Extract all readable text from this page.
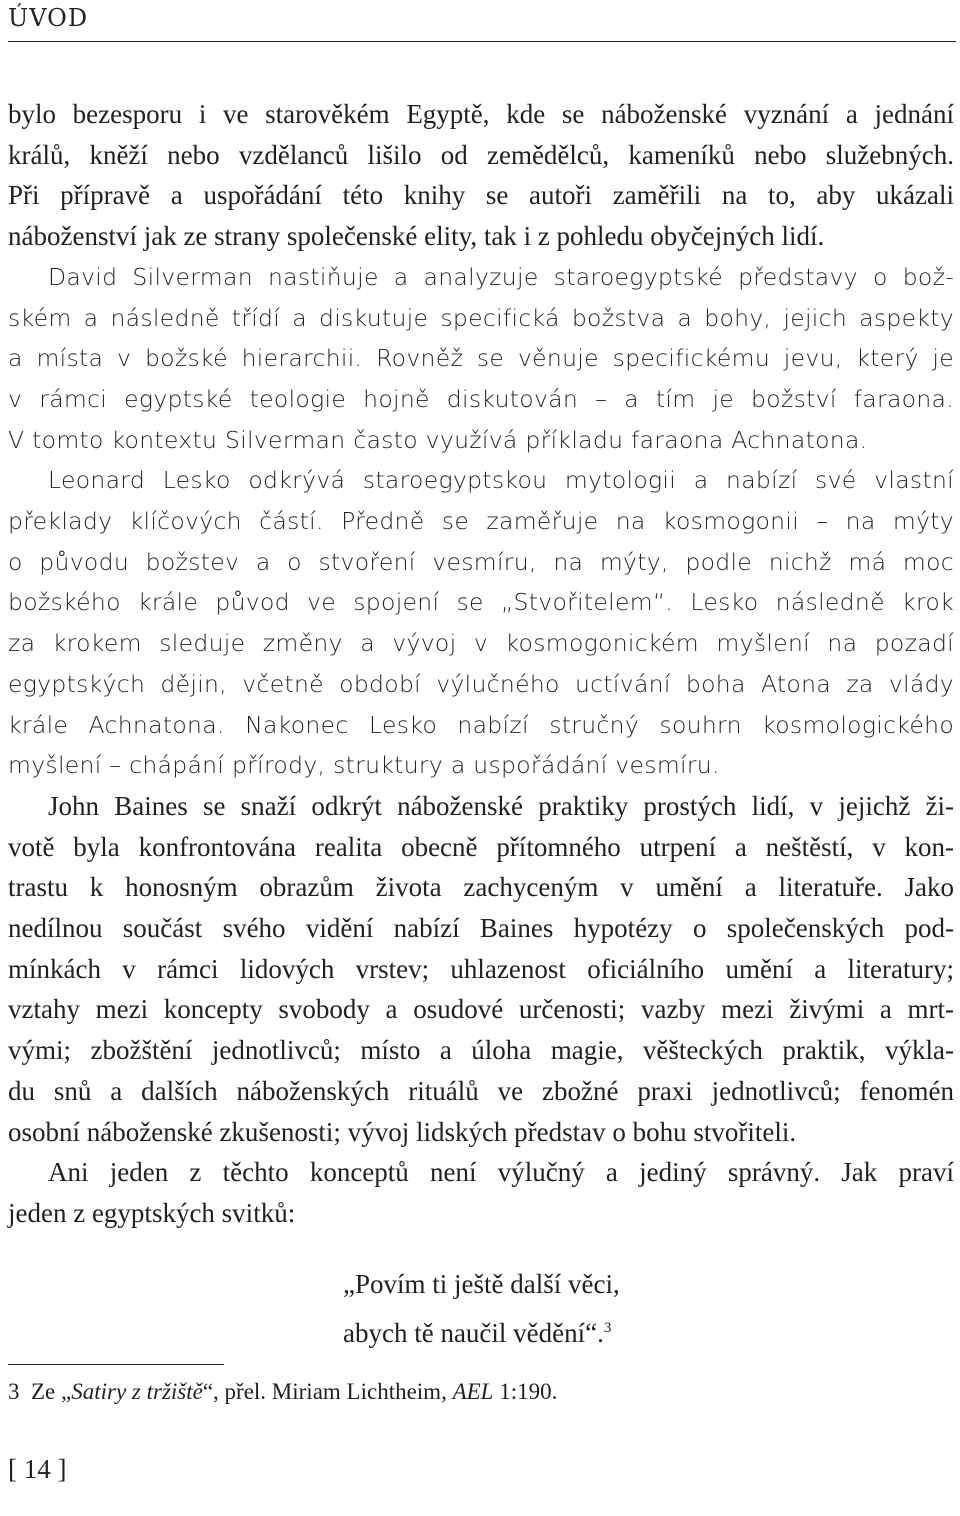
ÚVOD

bylo bezesporu i ve starověkém Egyptě, kde se náboženské vyznání a jednání
králů, kněží nebo vzdělanců lišilo od zemědělců, kameníků nebo služebných.
Při přípravě a uspořádání této knihy se autoři zaměřili na to, aby ukázali
náboženství jak ze strany společenské elity, tak i z pohledu obyčejných lidí.

David Silverman nastiňuje a analyzuje staroegyptské představy o bož-
ském a následně třídí a diskutuje specifická božstva a bohy, jejich aspekty
a místa v božské hierarchii. Rovněž se věnuje specifickému jevu, který je
v rámci egyptské teologie hojně diskutován – a tím je božství faraona.
V tomto kontextu Silverman často využívá příkladu faraona Achnatona.

Leonard Lesko odkrývá staroegyptskou mytologii a nabízí své vlastní
překlady klíčových částí. Předně se zaměřuje na kosmogonii – na mýty
o původu božstev a o stvoření vesmíru, na mýty, podle nichž má moc
božského krále původ ve spojení se „Stvořitelem“. Lesko následně krok
za krokem sleduje změny a vývoj v kosmogonickém myšlení na pozadí
egyptských dějin, včetně období výlučného uctívání boha Atona za vlády
krále Achnatona. Nakonec Lesko nabízí stručný souhrn kosmologického
myšlení – chápání přírody, struktury a uspořádání vesmíru.

John Baines se snaží odkrýt náboženské praktiky prostých lidí, v jejichž ži-
votě byla konfrontována realita obecně přítomného utrpení a neštěstí, v kon-
trastu k honosným obrazům života zachyceným v umění a literatuře. Jako
nedílnou součást svého vidění nabízí Baines hypotézy o společenských pod-
mínkách v rámci lidových vrstev; uhlazenost oficiálního umění a literatury;
vztahy mezi koncepty svobody a osudové určenosti; vazby mezi živými a mrt-
vými; zbožštění jednotlivců; místo a úloha magie, věšteckých praktik, výkla-
du snů a dalších náboženských rituálů ve zbožné praxi jednotlivců; fenomén
osobní náboženské zkušenosti; vývoj lidských představ o bohu stvořiteli.

Ani jeden z těchto konceptů není výlučný a jediný správný. Jak praví
jeden z egyptských svitků:

„Povím ti ještě další věci,
abych tě naučil vědění“.$^3$
3 Ze „Satiry z tržiště“, přel. Miriam Lichtheim, AEL 1:190.
[ 14 ]
